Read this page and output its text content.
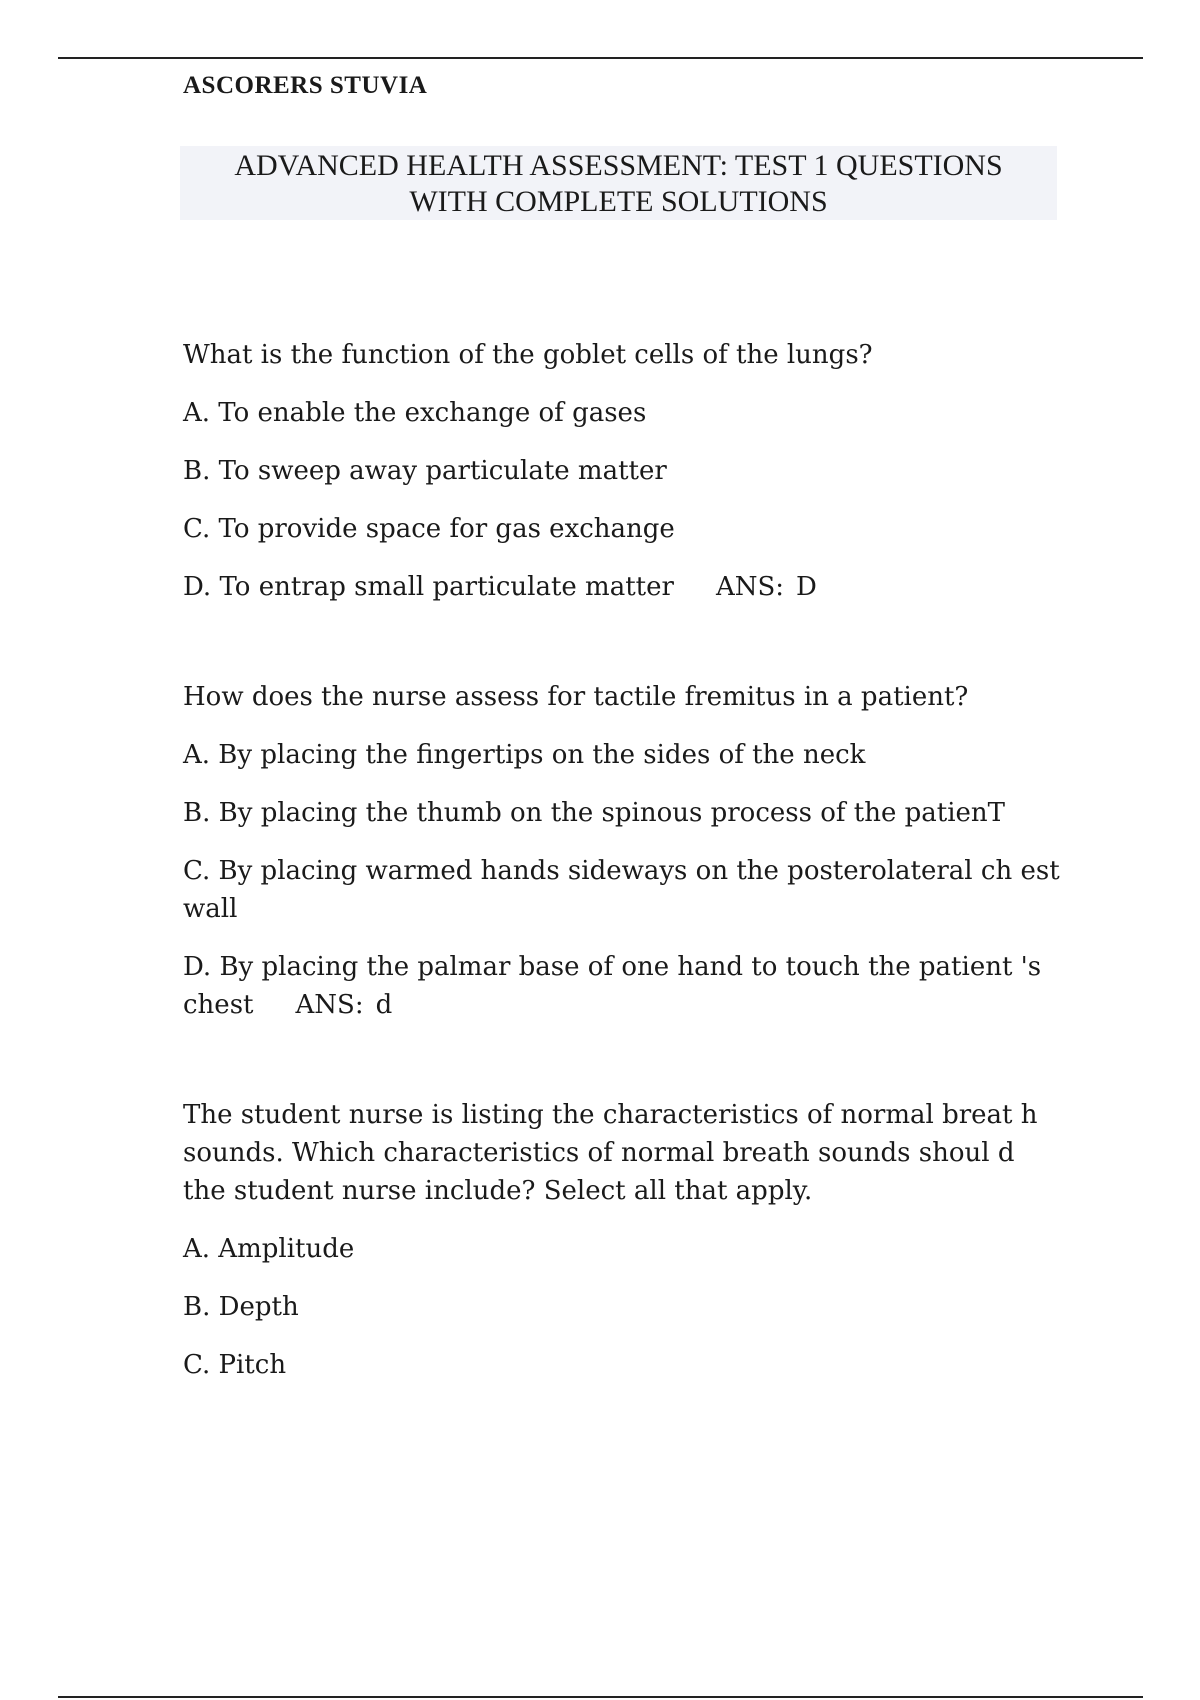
ASCORERS STUVIA
ADVANCED HEALTH ASSESSMENT: TEST 1 QUESTIONS
WITH COMPLETE SOLUTIONS

What is the function of the goblet cells of the lungs?

A. To enable the exchange of gases

B. To sweep away particulate matter

C. To provide space for gas exchange

D. To entrap small particulate matter ANS: D

How does the nurse assess for tactile fremitus in a patient?

A. By placing the fingertips on the sides of the neck

B. By placing the thumb on the spinous process of the patienT

C. By placing warmed hands sideways on the posterolateral ch est wall

D. By placing the palmar base of one hand to touch the patient 's chest ANS: d

The student nurse is listing the characteristics of normal breat h sounds. Which characteristics of normal breath sounds shoul d the student nurse include? Select all that apply.

A. Amplitude

B. Depth

C. Pitch
